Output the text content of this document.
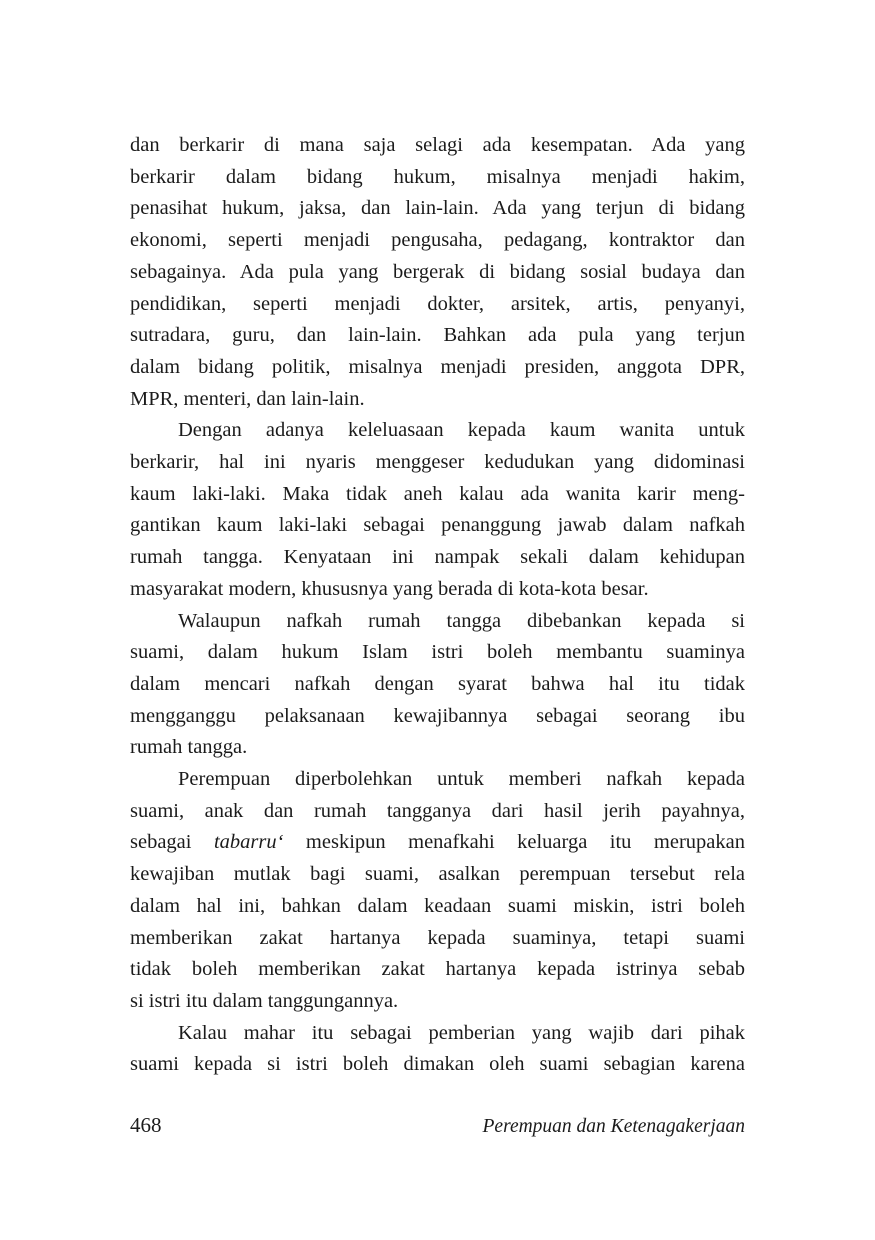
dan berkarir di mana saja selagi ada kesempatan. Ada yang
berkarir dalam bidang hukum, misalnya menjadi hakim,
penasihat hukum, jaksa, dan lain-lain. Ada yang terjun di bidang
ekonomi, seperti menjadi pengusaha, pedagang, kontraktor dan
sebagainya. Ada pula yang bergerak di bidang sosial budaya dan
pendidikan, seperti menjadi dokter, arsitek, artis, penyanyi,
sutradara, guru, dan lain-lain. Bahkan ada pula yang terjun
dalam bidang politik, misalnya menjadi presiden, anggota DPR,
MPR, menteri, dan lain-lain.
Dengan adanya keleluasaan kepada kaum wanita untuk
berkarir, hal ini nyaris menggeser kedudukan yang didominasi
kaum laki-laki. Maka tidak aneh kalau ada wanita karir meng-
gantikan kaum laki-laki sebagai penanggung jawab dalam nafkah
rumah tangga. Kenyataan ini nampak sekali dalam kehidupan
masyarakat modern, khususnya yang berada di kota-kota besar.
Walaupun nafkah rumah tangga dibebankan kepada si
suami, dalam hukum Islam istri boleh membantu suaminya
dalam mencari nafkah dengan syarat bahwa hal itu tidak
mengganggu pelaksanaan kewajibannya sebagai seorang ibu
rumah tangga.
Perempuan diperbolehkan untuk memberi nafkah kepada
suami, anak dan rumah tangganya dari hasil jerih payahnya,
sebagai tabarru‘ meskipun menafkahi keluarga itu merupakan
kewajiban mutlak bagi suami, asalkan perempuan tersebut rela
dalam hal ini, bahkan dalam keadaan suami miskin, istri boleh
memberikan zakat hartanya kepada suaminya, tetapi suami
tidak boleh memberikan zakat hartanya kepada istrinya sebab
si istri itu dalam tanggungannya.
Kalau mahar itu sebagai pemberian yang wajib dari pihak
suami kepada si istri boleh dimakan oleh suami sebagian karena
468	Perempuan dan Ketenagakerjaan
